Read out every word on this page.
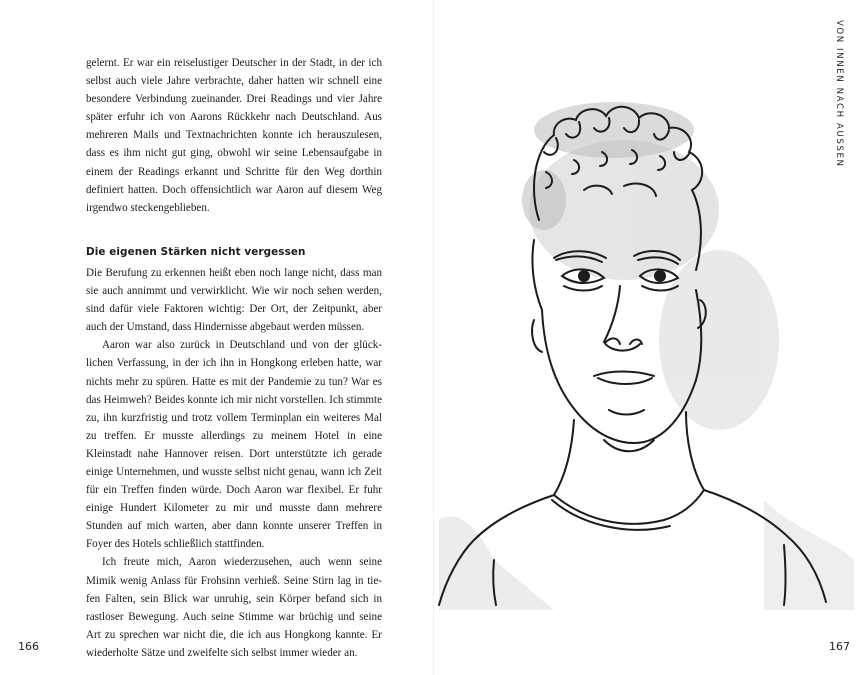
gelernt. Er war ein reiselustiger Deutscher in der Stadt, in der ich selbst auch viele Jahre verbrachte, daher hatten wir schnell eine besondere Verbindung zueinander. Drei Readings und vier Jahre später erfuhr ich von Aarons Rückkehr nach Deutschland. Aus mehreren Mails und Textnachrichten konnte ich herauszulesen, dass es ihm nicht gut ging, obwohl wir seine Lebensaufgabe in einem der Readings erkannt und Schritte für den Weg dorthin definiert hatten. Doch offensichtlich war Aaron auf diesem Weg irgendwo steckengeblieben.

Die eigenen Stärken nicht vergessen

Die Berufung zu erkennen heißt eben noch lange nicht, dass man sie auch annimmt und verwirklicht. Wie wir noch sehen werden, sind dafür viele Faktoren wichtig: Der Ort, der Zeitpunkt, aber auch der Umstand, dass Hindernisse abgebaut werden müssen.

Aaron war also zurück in Deutschland und von der glücklichen Verfassung, in der ich ihn in Hongkong erleben hatte, war nichts mehr zu spüren. Hatte es mit der Pandemie zu tun? War es das Heimweh? Beides konnte ich mir nicht vorstellen. Ich stimmte zu, ihn kurzfristig und trotz vollem Terminplan ein weiteres Mal zu treffen. Er musste allerdings zu meinem Hotel in eine Kleinstadt nahe Hannover reisen. Dort unterstützte ich gerade einige Unternehmen, und wusste selbst nicht genau, wann ich Zeit für ein Treffen finden würde. Doch Aaron war flexibel. Er fuhr einige Hundert Kilometer zu mir und musste dann mehrere Stunden auf mich warten, aber dann konnte unserer Treffen in Foyer des Hotels schließlich stattfinden.

Ich freute mich, Aaron wiederzusehen, auch wenn seine Mimik wenig Anlass für Frohsinn verhieß. Seine Stirn lag in tiefen Falten, sein Blick war unruhig, sein Körper befand sich in rastloser Bewegung. Auch seine Stimme war brüchig und seine Art zu sprechen war nicht die, die ich aus Hongkong kannte. Er wiederholte Sätze und zweifelte sich selbst immer wieder an.

166
VON INNEN NACH AUSSEN
167
